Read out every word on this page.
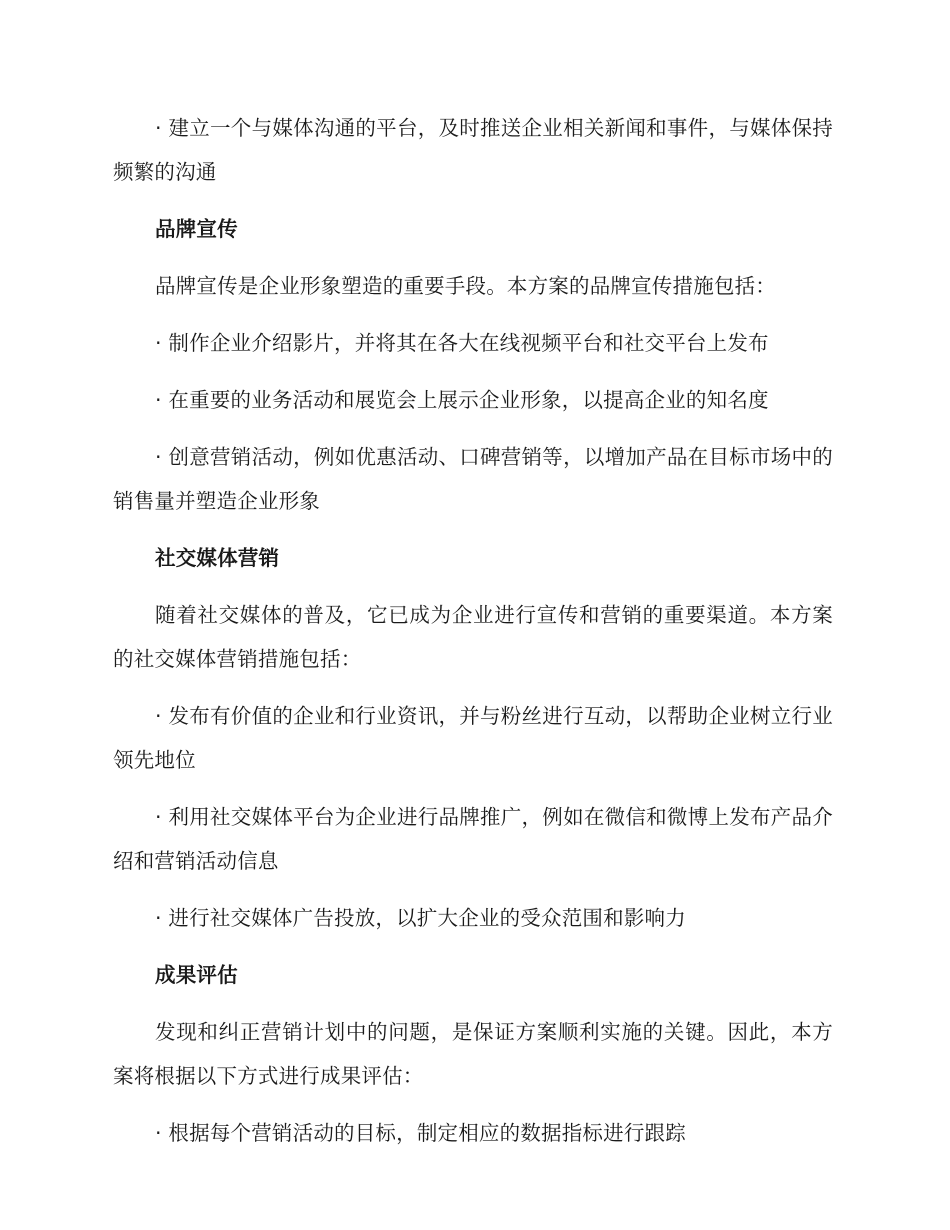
· 建立一个与媒体沟通的平台，及时推送企业相关新闻和事件，与媒体保持频繁的沟通

品牌宣传

品牌宣传是企业形象塑造的重要手段。本方案的品牌宣传措施包括：

· 制作企业介绍影片，并将其在各大在线视频平台和社交平台上发布

· 在重要的业务活动和展览会上展示企业形象，以提高企业的知名度

· 创意营销活动，例如优惠活动、口碑营销等，以增加产品在目标市场中的销售量并塑造企业形象

社交媒体营销

随着社交媒体的普及，它已成为企业进行宣传和营销的重要渠道。本方案的社交媒体营销措施包括：

· 发布有价值的企业和行业资讯，并与粉丝进行互动，以帮助企业树立行业领先地位

· 利用社交媒体平台为企业进行品牌推广，例如在微信和微博上发布产品介绍和营销活动信息

· 进行社交媒体广告投放，以扩大企业的受众范围和影响力

成果评估

发现和纠正营销计划中的问题，是保证方案顺利实施的关键。因此，本方案将根据以下方式进行成果评估：

· 根据每个营销活动的目标，制定相应的数据指标进行跟踪
